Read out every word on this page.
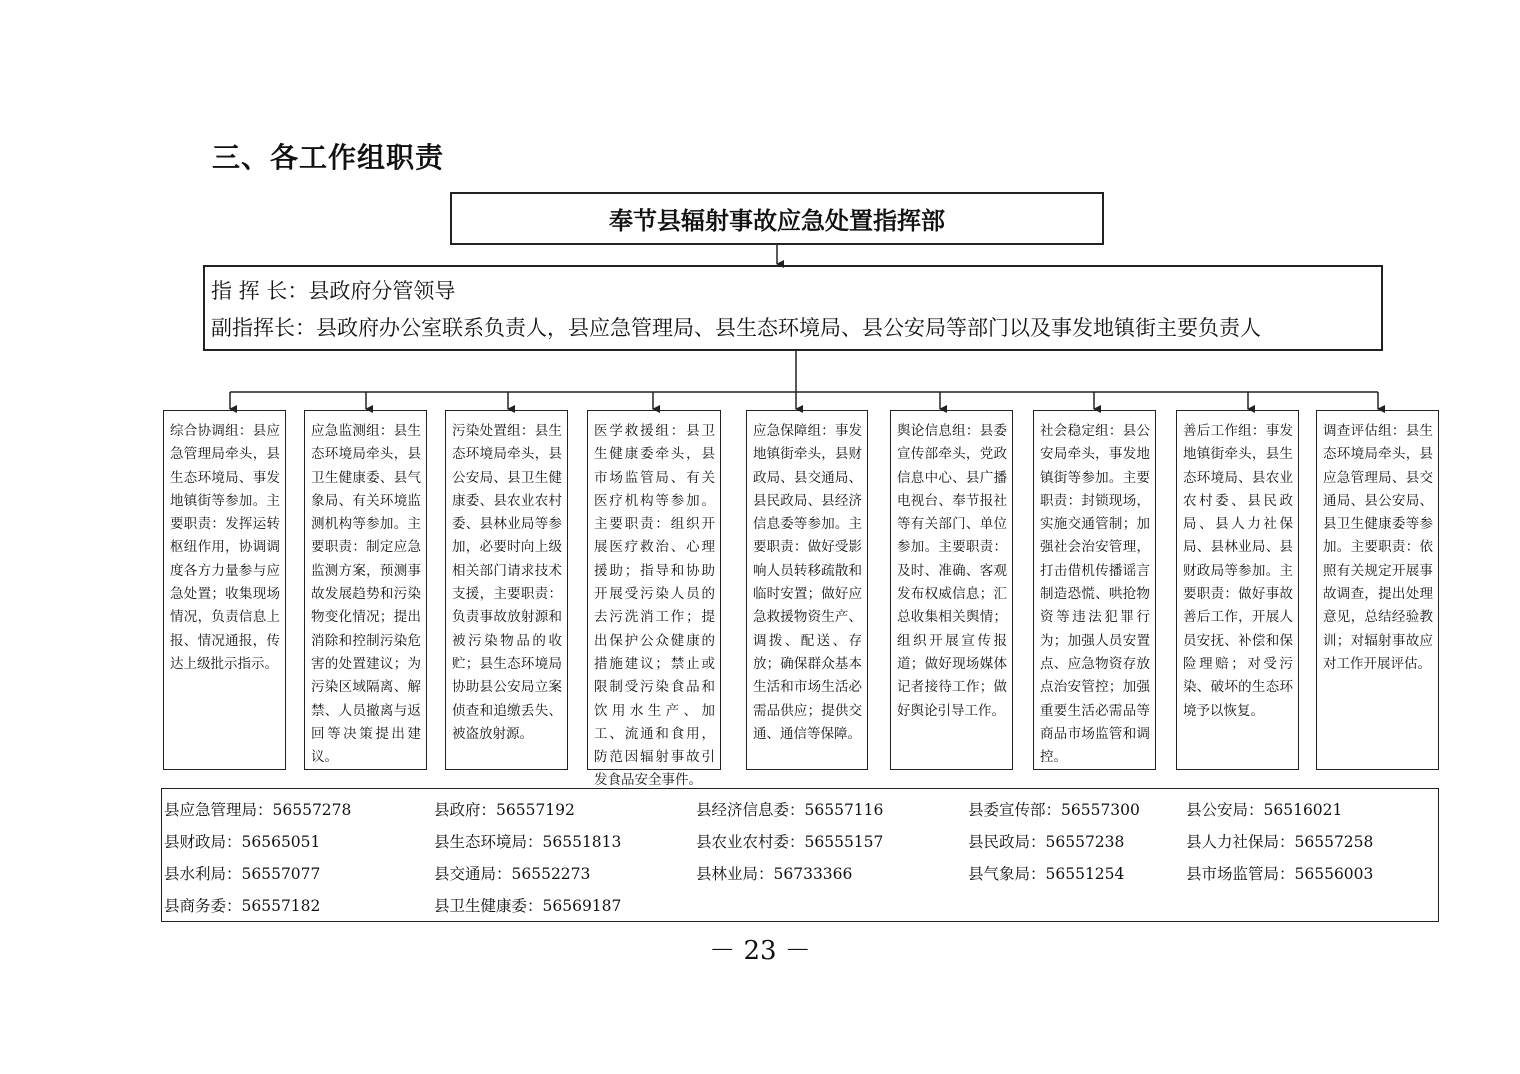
三、各工作组职责
奉节县辐射事故应急处置指挥部
指 挥 长：县政府分管领导
副指挥长：县政府办公室联系负责人，县应急管理局、县生态环境局、县公安局等部门以及事发地镇街主要负责人
综合协调组：县应急管理局牵头，县生态环境局、事发地镇街等参加。主要职责：发挥运转枢纽作用，协调调度各方力量参与应急处置；收集现场情况，负责信息上报、情况通报，传达上级批示指示。
应急监测组：县生态环境局牵头，县卫生健康委、县气象局、有关环境监测机构等参加。主要职责：制定应急监测方案，预测事故发展趋势和污染物变化情况；提出消除和控制污染危害的处置建议；为污染区域隔离、解禁、人员撤离与返回等决策提出建议。
污染处置组：县生态环境局牵头，县公安局、县卫生健康委、县农业农村委、县林业局等参加，必要时向上级相关部门请求技术支援，主要职责：负责事故放射源和被污染物品的收贮；县生态环境局协助县公安局立案侦查和追缴丢失、被盗放射源。
医学救援组：县卫生健康委牵头，县市场监管局、有关医疗机构等参加。主要职责：组织开展医疗救治、心理援助；指导和协助开展受污染人员的去污洗消工作；提出保护公众健康的措施建议；禁止或限制受污染食品和饮用水生产、加工、流通和食用，防范因辐射事故引发食品安全事件。
应急保障组：事发地镇街牵头，县财政局、县交通局、县民政局、县经济信息委等参加。主要职责：做好受影响人员转移疏散和临时安置；做好应急救援物资生产、调拨、配送、存放；确保群众基本生活和市场生活必需品供应；提供交通、通信等保障。
舆论信息组：县委宣传部牵头，党政信息中心、县广播电视台、奉节报社等有关部门、单位参加。主要职责：及时、准确、客观发布权威信息；汇总收集相关舆情；组织开展宣传报道；做好现场媒体记者接待工作；做好舆论引导工作。
社会稳定组：县公安局牵头，事发地镇街等参加。主要职责：封锁现场，实施交通管制；加强社会治安管理，打击借机传播谣言制造恐慌、哄抢物资等违法犯罪行为；加强人员安置点、应急物资存放点治安管控；加强重要生活必需品等商品市场监管和调控。
善后工作组：事发地镇街牵头，县生态环境局、县农业农村委、县民政局、县人力社保局、县林业局、县财政局等参加。主要职责：做好事故善后工作，开展人员安抚、补偿和保险理赔；对受污染、破坏的生态环境予以恢复。
调查评估组：县生态环境局牵头，县应急管理局、县交通局、县公安局、县卫生健康委等参加。主要职责：依照有关规定开展事故调查，提出处理意见，总结经验教训；对辐射事故应对工作开展评估。
县应急管理局：56557278	县政府：56557192	县经济信息委：56557116	县委宣传部：56557300	县公安局：56516021
县财政局：56565051	县生态环境局：56551813	县农业农村委：56555157	县民政局：56557238	县人力社保局：56557258
县水利局：56557077	县交通局：56552273	县林业局：56733366	县气象局：56551254	县市场监管局：56556003
县商务委：56557182	县卫生健康委：56569187
－ 23 －
